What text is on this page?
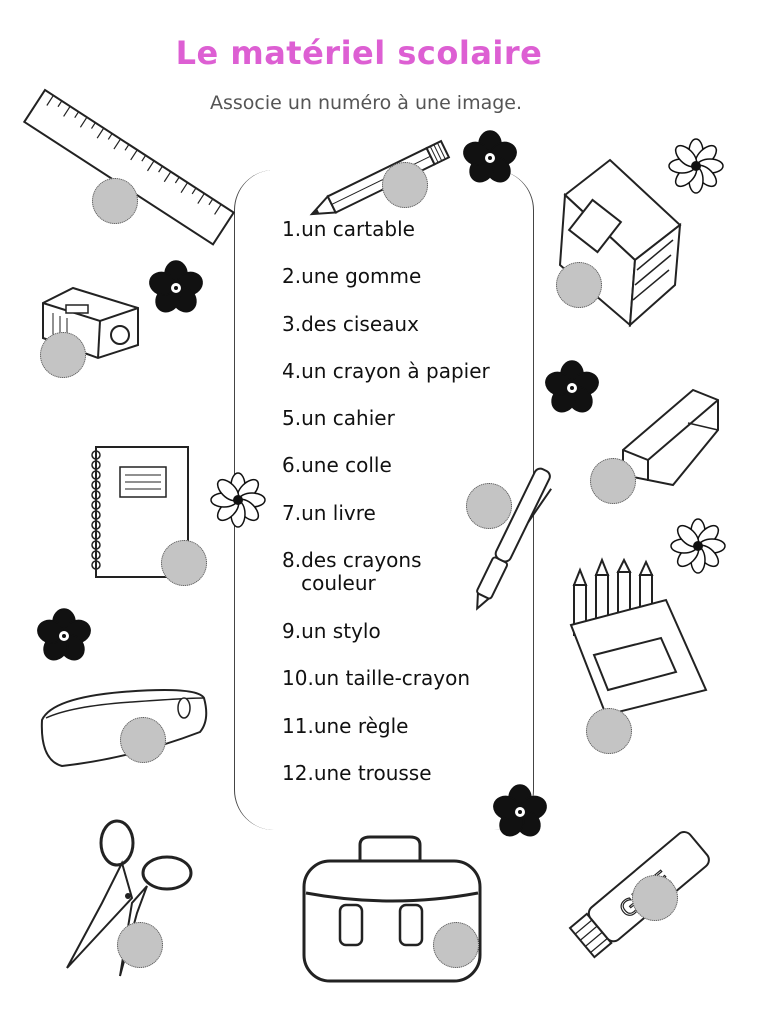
Le matériel scolaire
Associe un numéro à une image.
1. un cartable
2. une gomme
3. des ciseaux
4. un crayon à papier
5. un cahier
6. une colle
7. un livre
8. des crayons
couleur
9. un stylo
10. un taille-crayon
11. une règle
12. une trousse
